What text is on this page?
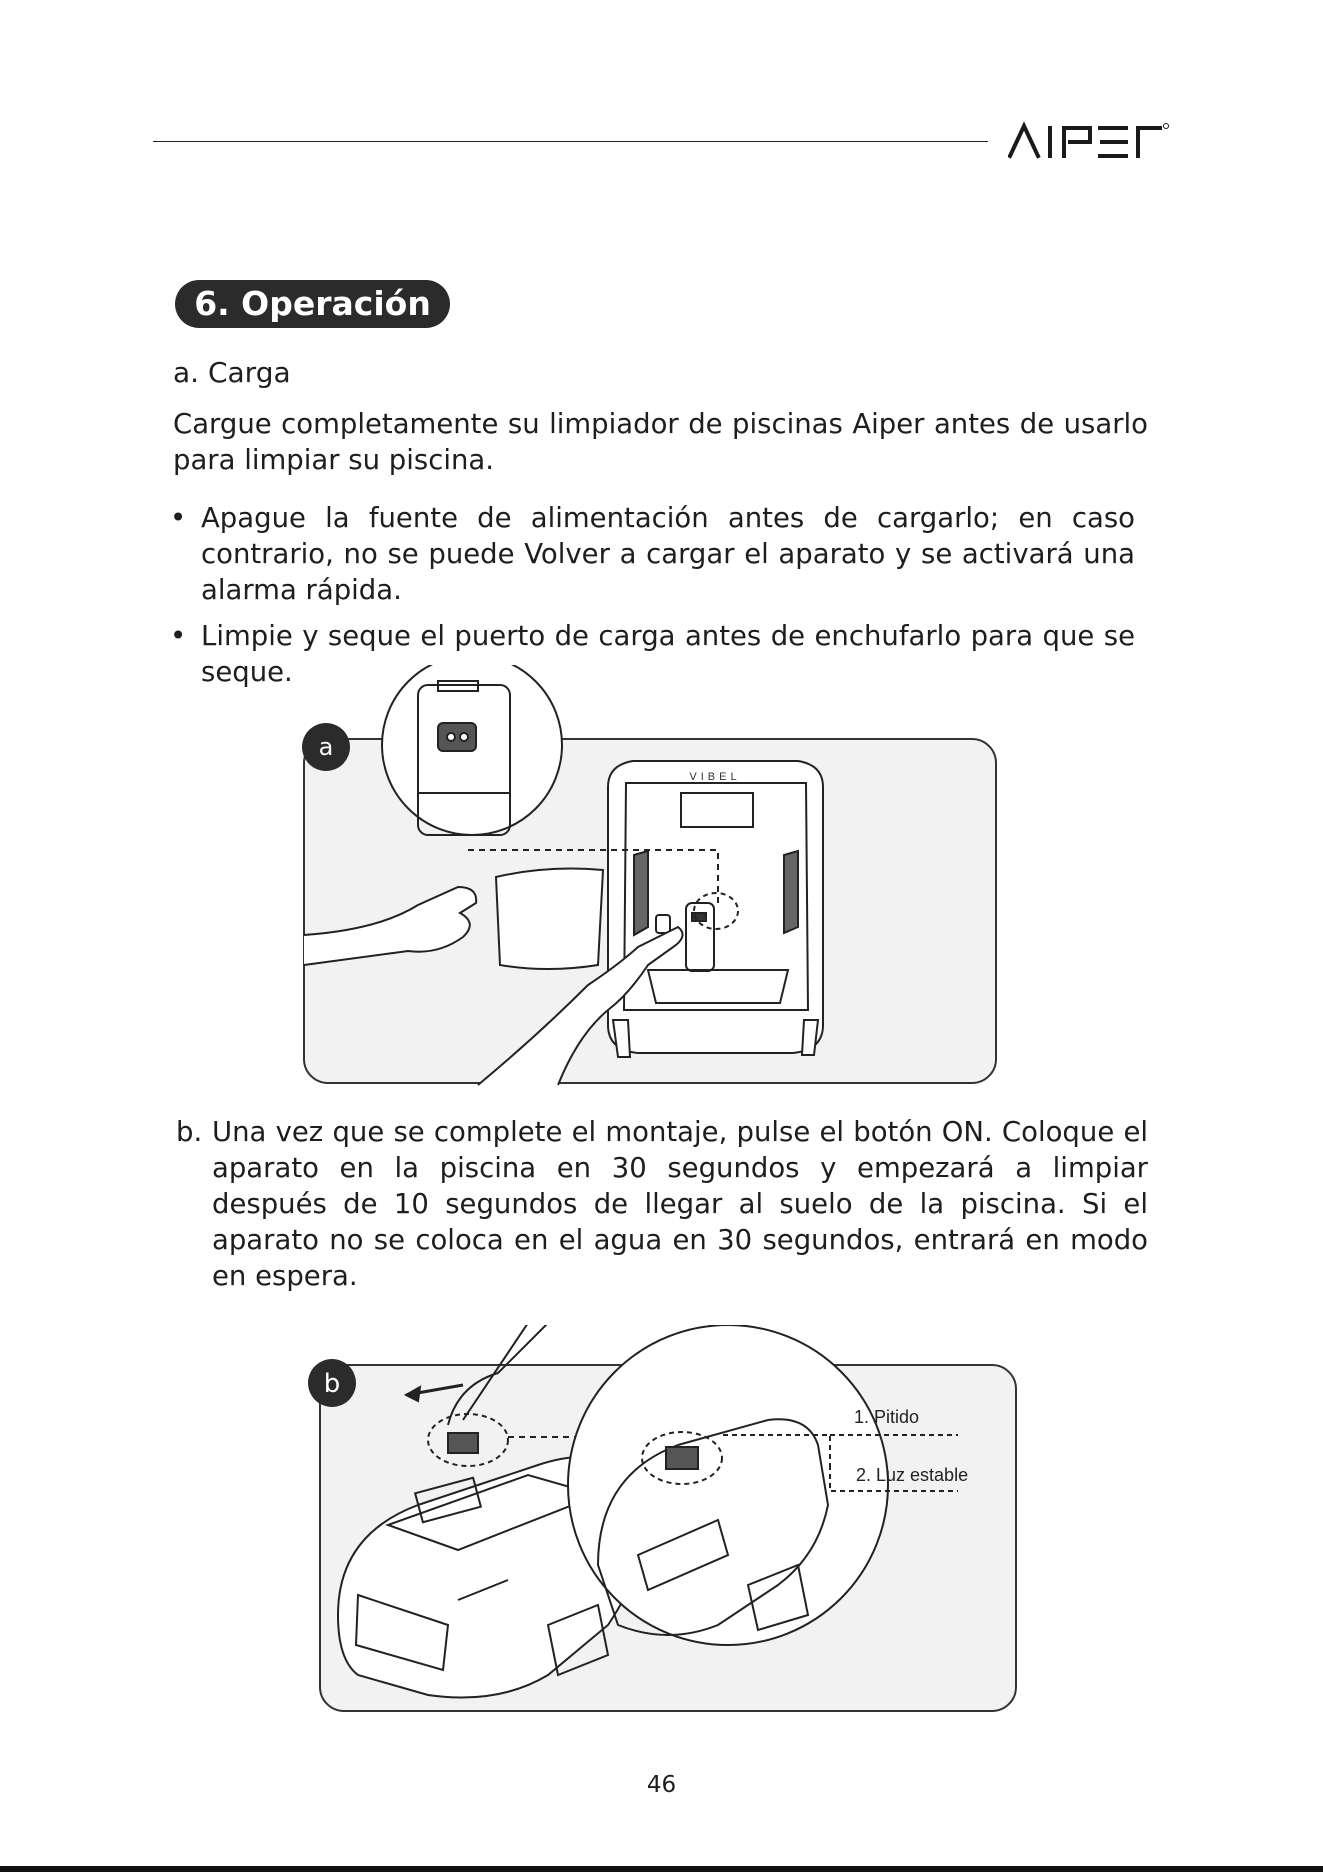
6. Operación
a. Carga
Cargue completamente su limpiador de piscinas Aiper antes de usarlo para limpiar su piscina.
• Apague la fuente de alimentación antes de cargarlo; en caso contrario, no se puede Volver a cargar el aparato y se activará una alarma rápida.
• Limpie y seque el puerto de carga antes de enchufarlo para que se seque.
a
VIBEL
b. Una vez que se complete el montaje, pulse el botón ON. Coloque el aparato en la piscina en 30 segundos y empezará a limpiar después de 10 segundos de llegar al suelo de la piscina. Si el aparato no se coloca en el agua en 30 segundos, entrará en modo en espera.
b
1. Pitido
2. Luz estable
46
